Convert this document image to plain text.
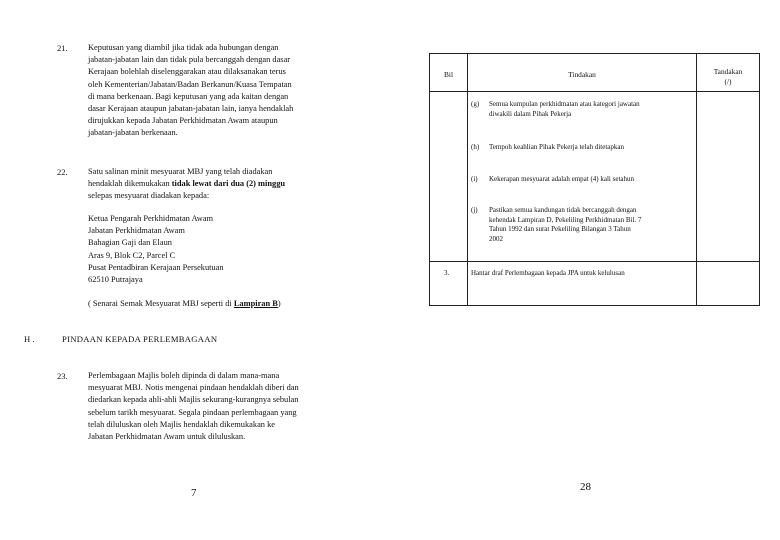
21. Keputusan yang diambil jika tidak ada hubungan dengan
jabatan-jabatan lain dan tidak pula bercanggah dengan dasar
Kerajaan bolehlah diselenggarakan atau dilaksanakan terus
oleh Kementerian/Jabatan/Badan Berkanun/Kuasa Tempatan
di mana berkenaan. Bagi keputusan yang ada kaitan dengan
dasar Kerajaan ataupun jabatan-jabatan lain, ianya hendaklah
dirujukkan kepada Jabatan Perkhidmatan Awam ataupun
jabatan-jabatan berkenaan.
22. Satu salinan minit mesyuarat MBJ yang telah diadakan
hendaklah dikemukakan tidak lewat dari dua (2) minggu
selepas mesyuarat diadakan kepada:
Ketua Pengarah Perkhidmatan Awam
Jabatan Perkhidmatan Awam
Bahagian Gaji dan Elaun
Aras 9, Blok C2, Parcel C
Pusat Pentadbiran Kerajaan Persekutuan
62510 Putrajaya
( Senarai Semak Mesyuarat MBJ seperti di Lampiran B)
H .	PINDAAN KEPADA PERLEMBAGAAN
23. Perlembagaan Majlis boleh dipinda di dalam mana-mana
mesyuarat MBJ. Notis mengenai pindaan hendaklah diberi dan
diedarkan kepada ahli-ahli Majlis sekurang-kurangnya sebulan
sebelum tarikh mesyuarat. Segala pindaan perlembagaan yang
telah diluluskan oleh Majlis hendaklah dikemukakan ke
Jabatan Perkhidmatan Awam untuk diluluskan.
7
Bil	Tindakan	Tandakan
(/)
(g) Semua kumpulan perkhidmatan atau kategori jawatan
diwakili dalam Pihak Pekerja
(h) Tempoh keahlian Pihak Pekerja telah ditetapkan
(i) Kekerapan mesyuarat adalah empat (4) kali setahun
(j) Pastikan semua kandungan tidak bercanggah dengan
kehendak Lampiran D, Pekeliling Perkhidmatan Bil. 7
Tahun 1992 dan surat Pekeliling Bilangan 3 Tahun
2002
3.	Hantar draf Perlembagaan kepada JPA untuk kelulusan
28
